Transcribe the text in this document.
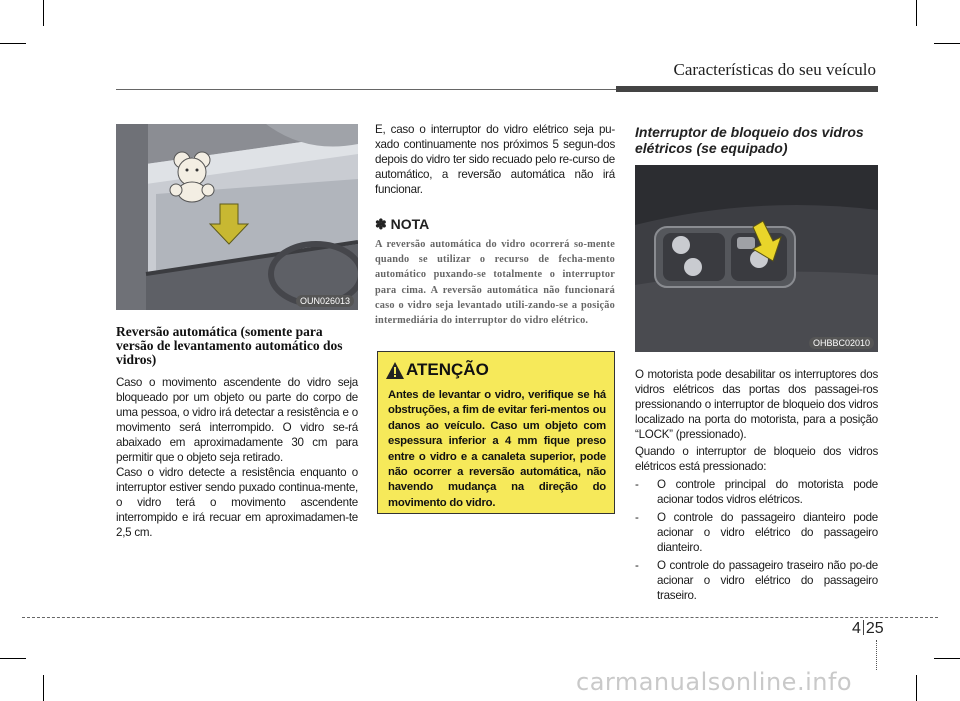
Características do seu veículo
OUN026013
Reversão automática (somente para versão de levantamento automático dos vidros)

Caso o movimento ascendente do vidro seja bloqueado por um objeto ou parte do corpo de uma pessoa, o vidro irá detectar a resistência e o movimento será interrompido. O vidro se-rá abaixado em aproximadamente 30 cm para permitir que o objeto seja retirado.

Caso o vidro detecte a resistência enquanto o interruptor estiver sendo puxado continua-mente, o vidro terá o movimento ascendente interrompido e irá recuar em aproximadamen-te 2,5 cm.

E, caso o interruptor do vidro elétrico seja pu-xado continuamente nos próximos 5 segun-dos depois do vidro ter sido recuado pelo re-curso de automático, a reversão automática não irá funcionar.
✽ NOTA
A reversão automática do vidro ocorrerá so-mente quando se utilizar o recurso de fecha-mento automático puxando-se totalmente o interruptor para cima. A reversão automática não funcionará caso o vidro seja levantado utili-zando-se a posição intermediária do interruptor do vidro elétrico.
ATENÇÃO
Antes de levantar o vidro, verifique se há obstruções, a fim de evitar feri-mentos ou danos ao veículo. Caso um objeto com espessura inferior a 4 mm fique preso entre o vidro e a canaleta superior, pode não ocorrer a reversão automática, não havendo mudança na direção do movimento do vidro.
Interruptor de bloqueio dos vidros elétricos (se equipado)
OHBBC02010

O motorista pode desabilitar os interruptores dos vidros elétricos das portas dos passagei-ros pressionando o interruptor de bloqueio dos vidros localizado na porta do motorista, para a posição “LOCK” (pressionado).

Quando o interruptor de bloqueio dos vidros elétricos está pressionado:

- O controle principal do motorista pode acionar todos vidros elétricos.
- O controle do passageiro dianteiro pode acionar o vidro elétrico do passageiro dianteiro.
- O controle do passageiro traseiro não po-de acionar o vidro elétrico do passageiro traseiro.
4 25
carmanualsonline.info
